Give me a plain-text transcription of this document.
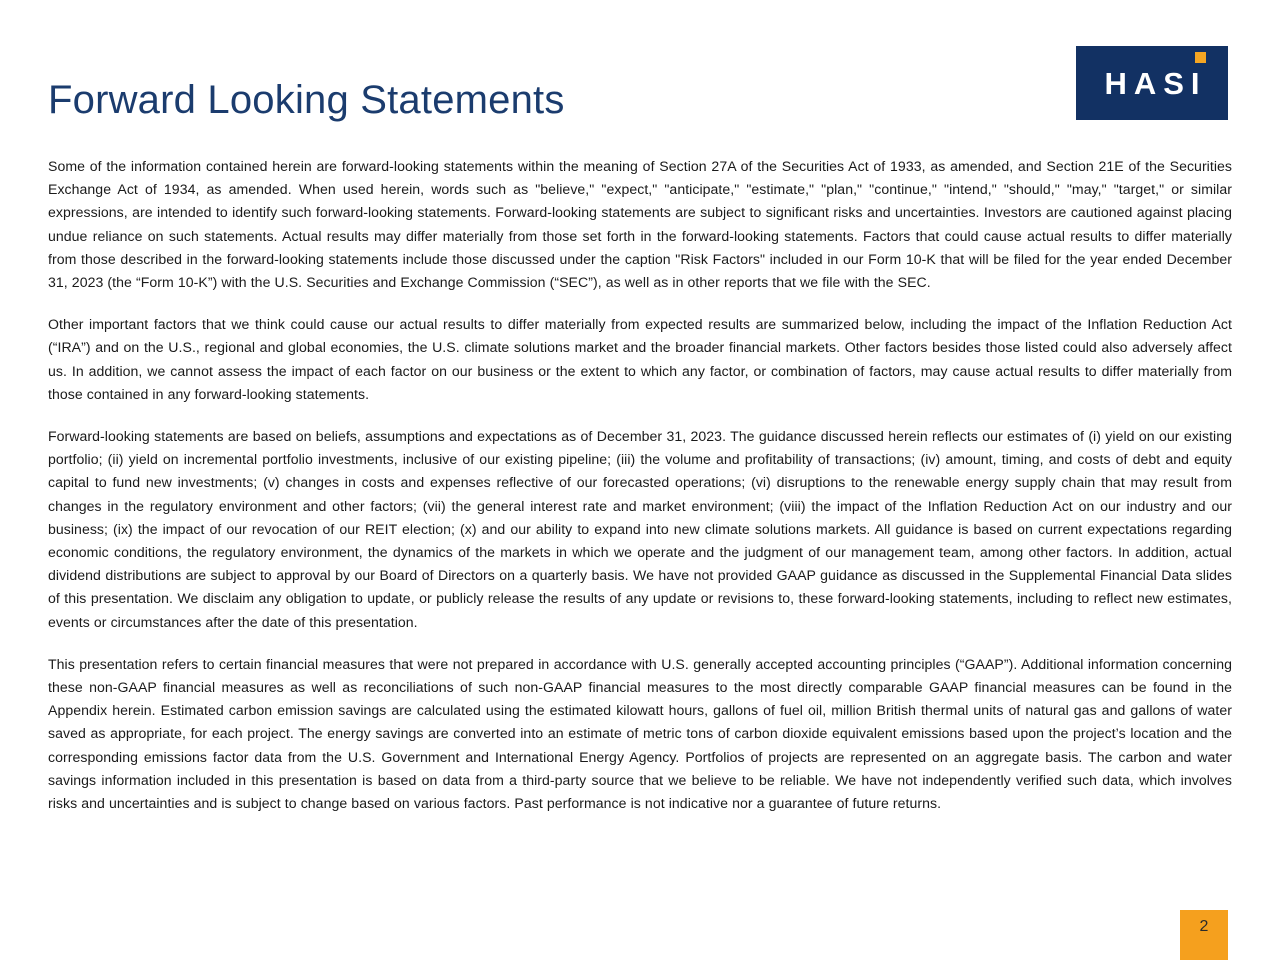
Forward Looking Statements	HASI

Some of the information contained herein are forward-looking statements within the meaning of Section 27A of the Securities Act of 1933, as amended, and Section 21E of the Securities Exchange Act of 1934, as amended. When used herein, words such as "believe," "expect," "anticipate," "estimate," "plan," "continue," "intend," "should," "may," "target," or similar expressions, are intended to identify such forward-looking statements. Forward-looking statements are subject to significant risks and uncertainties. Investors are cautioned against placing undue reliance on such statements. Actual results may differ materially from those set forth in the forward-looking statements. Factors that could cause actual results to differ materially from those described in the forward-looking statements include those discussed under the caption "Risk Factors" included in our Form 10-K that will be filed for the year ended December 31, 2023 (the “Form 10-K”) with the U.S. Securities and Exchange Commission (“SEC”), as well as in other reports that we file with the SEC.

Other important factors that we think could cause our actual results to differ materially from expected results are summarized below, including the impact of the Inflation Reduction Act (“IRA”) and on the U.S., regional and global economies, the U.S. climate solutions market and the broader financial markets. Other factors besides those listed could also adversely affect us. In addition, we cannot assess the impact of each factor on our business or the extent to which any factor, or combination of factors, may cause actual results to differ materially from those contained in any forward-looking statements.

Forward-looking statements are based on beliefs, assumptions and expectations as of December 31, 2023. The guidance discussed herein reflects our estimates of (i) yield on our existing portfolio; (ii) yield on incremental portfolio investments, inclusive of our existing pipeline; (iii) the volume and profitability of transactions; (iv) amount, timing, and costs of debt and equity capital to fund new investments; (v) changes in costs and expenses reflective of our forecasted operations; (vi) disruptions to the renewable energy supply chain that may result from changes in the regulatory environment and other factors; (vii) the general interest rate and market environment; (viii) the impact of the Inflation Reduction Act on our industry and our business; (ix) the impact of our revocation of our REIT election; (x) and our ability to expand into new climate solutions markets. All guidance is based on current expectations regarding economic conditions, the regulatory environment, the dynamics of the markets in which we operate and the judgment of our management team, among other factors. In addition, actual dividend distributions are subject to approval by our Board of Directors on a quarterly basis. We have not provided GAAP guidance as discussed in the Supplemental Financial Data slides of this presentation. We disclaim any obligation to update, or publicly release the results of any update or revisions to, these forward-looking statements, including to reflect new estimates, events or circumstances after the date of this presentation.

This presentation refers to certain financial measures that were not prepared in accordance with U.S. generally accepted accounting principles (“GAAP”). Additional information concerning these non-GAAP financial measures as well as reconciliations of such non-GAAP financial measures to the most directly comparable GAAP financial measures can be found in the Appendix herein. Estimated carbon emission savings are calculated using the estimated kilowatt hours, gallons of fuel oil, million British thermal units of natural gas and gallons of water saved as appropriate, for each project. The energy savings are converted into an estimate of metric tons of carbon dioxide equivalent emissions based upon the project’s location and the corresponding emissions factor data from the U.S. Government and International Energy Agency. Portfolios of projects are represented on an aggregate basis. The carbon and water savings information included in this presentation is based on data from a third-party source that we believe to be reliable. We have not independently verified such data, which involves risks and uncertainties and is subject to change based on various factors. Past performance is not indicative nor a guarantee of future returns.

2
